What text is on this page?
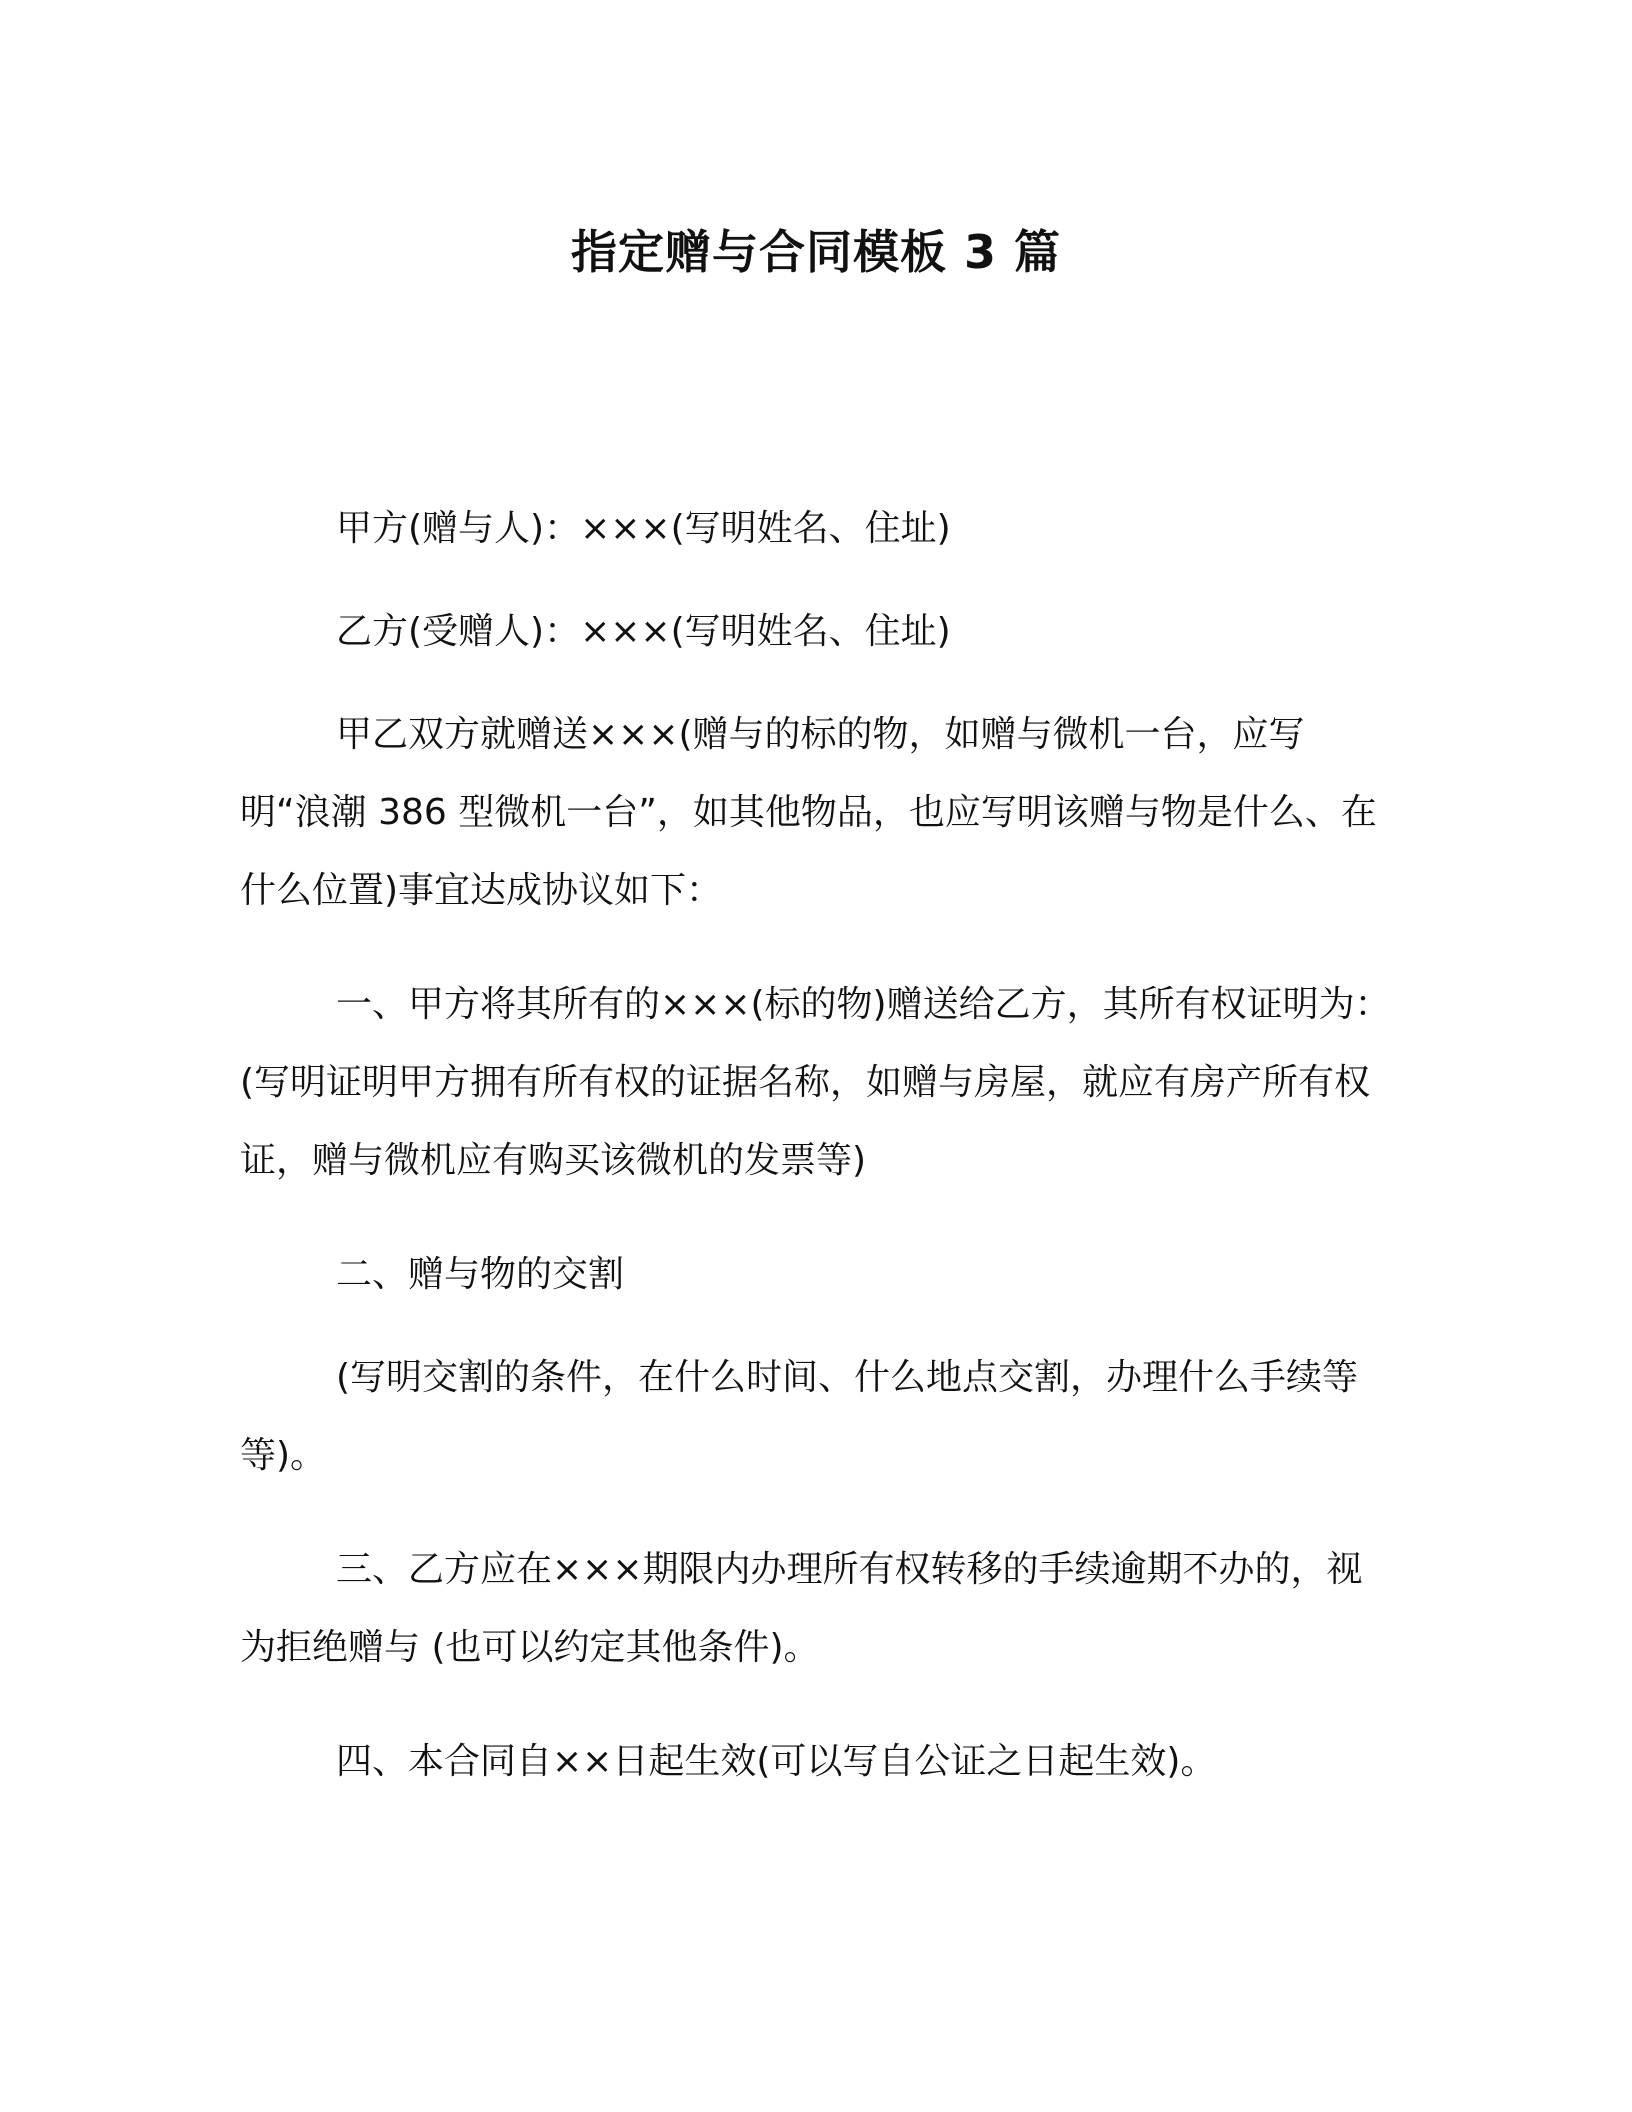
指定赠与合同模板 3 篇

甲方(赠与人)：×××(写明姓名、住址)

乙方(受赠人)：×××(写明姓名、住址)

甲乙双方就赠送×××(赠与的标的物，如赠与微机一台，应写明“浪潮 386 型微机一台”，如其他物品，也应写明该赠与物是什么、在什么位置)事宜达成协议如下：

一、甲方将其所有的×××(标的物)赠送给乙方，其所有权证明为：(写明证明甲方拥有所有权的证据名称，如赠与房屋，就应有房产所有权证，赠与微机应有购买该微机的发票等)

二、赠与物的交割

(写明交割的条件，在什么时间、什么地点交割，办理什么手续等等)。

三、乙方应在×××期限内办理所有权转移的手续逾期不办的，视为拒绝赠与 (也可以约定其他条件)。

四、本合同自××日起生效(可以写自公证之日起生效)。
